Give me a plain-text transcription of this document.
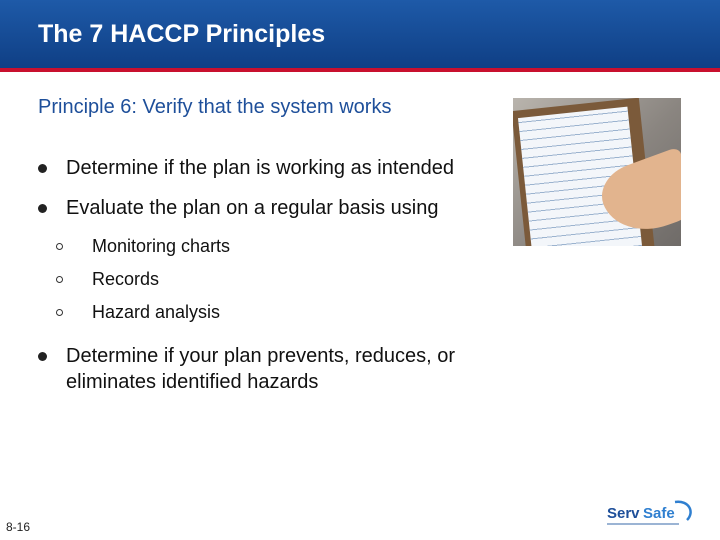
The 7 HACCP Principles
Principle 6: Verify that the system works
Determine if the plan is working as intended
Evaluate the plan on a regular basis using
Monitoring charts
Records
Hazard analysis
Determine if your plan prevents, reduces, or eliminates identified hazards
8-16
Serv Safe
